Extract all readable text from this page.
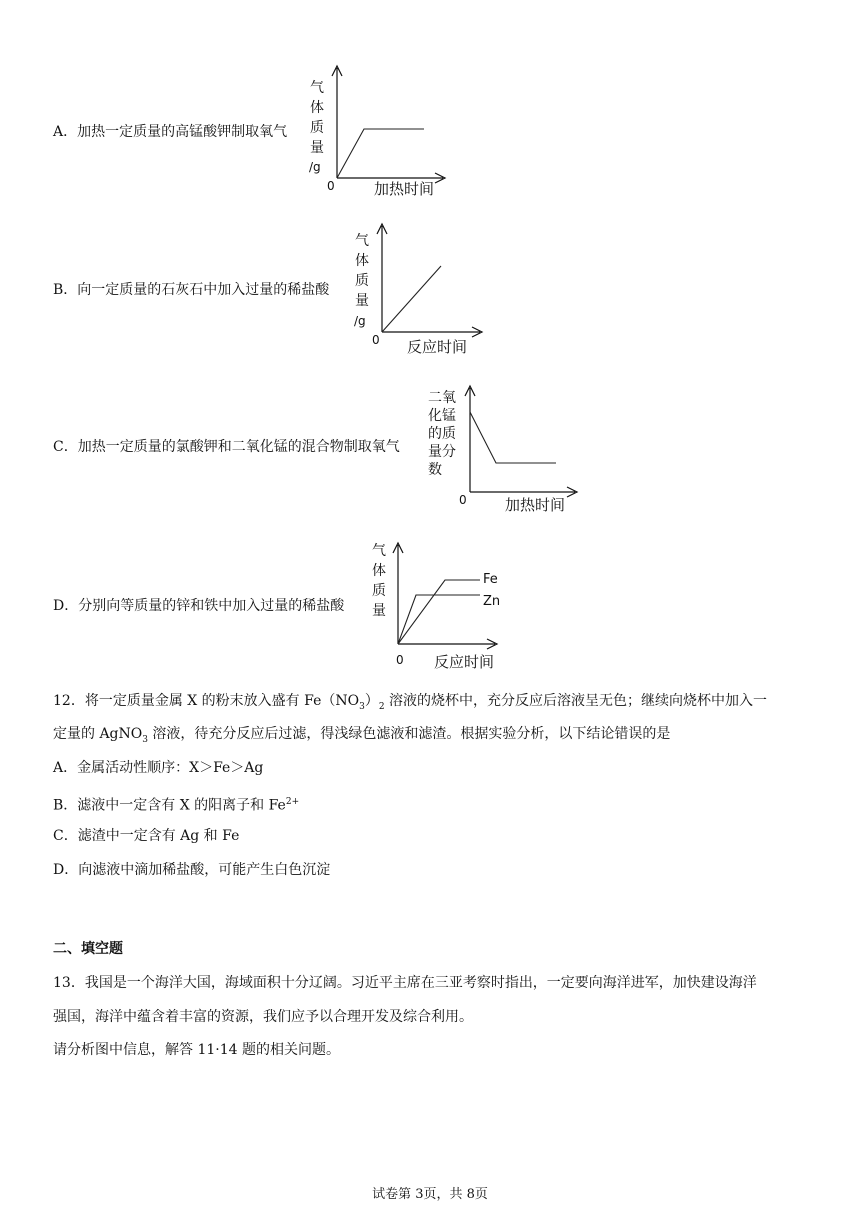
A．加热一定质量的高锰酸钾制取氧气
气
体
质
量
/g
0	加热时间
B．向一定质量的石灰石中加入过量的稀盐酸
气
体
质
量
/g
0 反应时间
C．加热一定质量的氯酸钾和二氧化锰的混合物制取氧气
二氧
化锰
的质
量分
数
0	加热时间
D．分别向等质量的锌和铁中加入过量的稀盐酸
气
体
质
量
0 反应时间
Fe
Zn
12．将一定质量金属 X 的粉末放入盛有 $Fe(NO_3)_2$ 溶液的烧杯中，充分反应后溶液呈无色；继续向烧杯中加入一
定量的 AgNO$_3$ 溶液，待充分反应后过滤，得浅绿色滤液和滤渣。根据实验分析，以下结论错误的是
A．金属活动性顺序：X＞Fe＞Ag
B．滤液中一定含有 X 的阳离子和 $Fe^{2+}$
C．滤渣中一定含有 Ag 和 Fe
D．向滤液中滴加稀盐酸，可能产生白色沉淀
二、填空题
13．我国是一个海洋大国，海域面积十分辽阔。习近平主席在三亚考察时指出，一定要向海洋进军，加快建设海洋
强国，海洋中蕴含着丰富的资源，我们应予以合理开发及综合利用。
请分析图中信息，解答 11·14 题的相关问题。
试卷第 3页，共 8页
